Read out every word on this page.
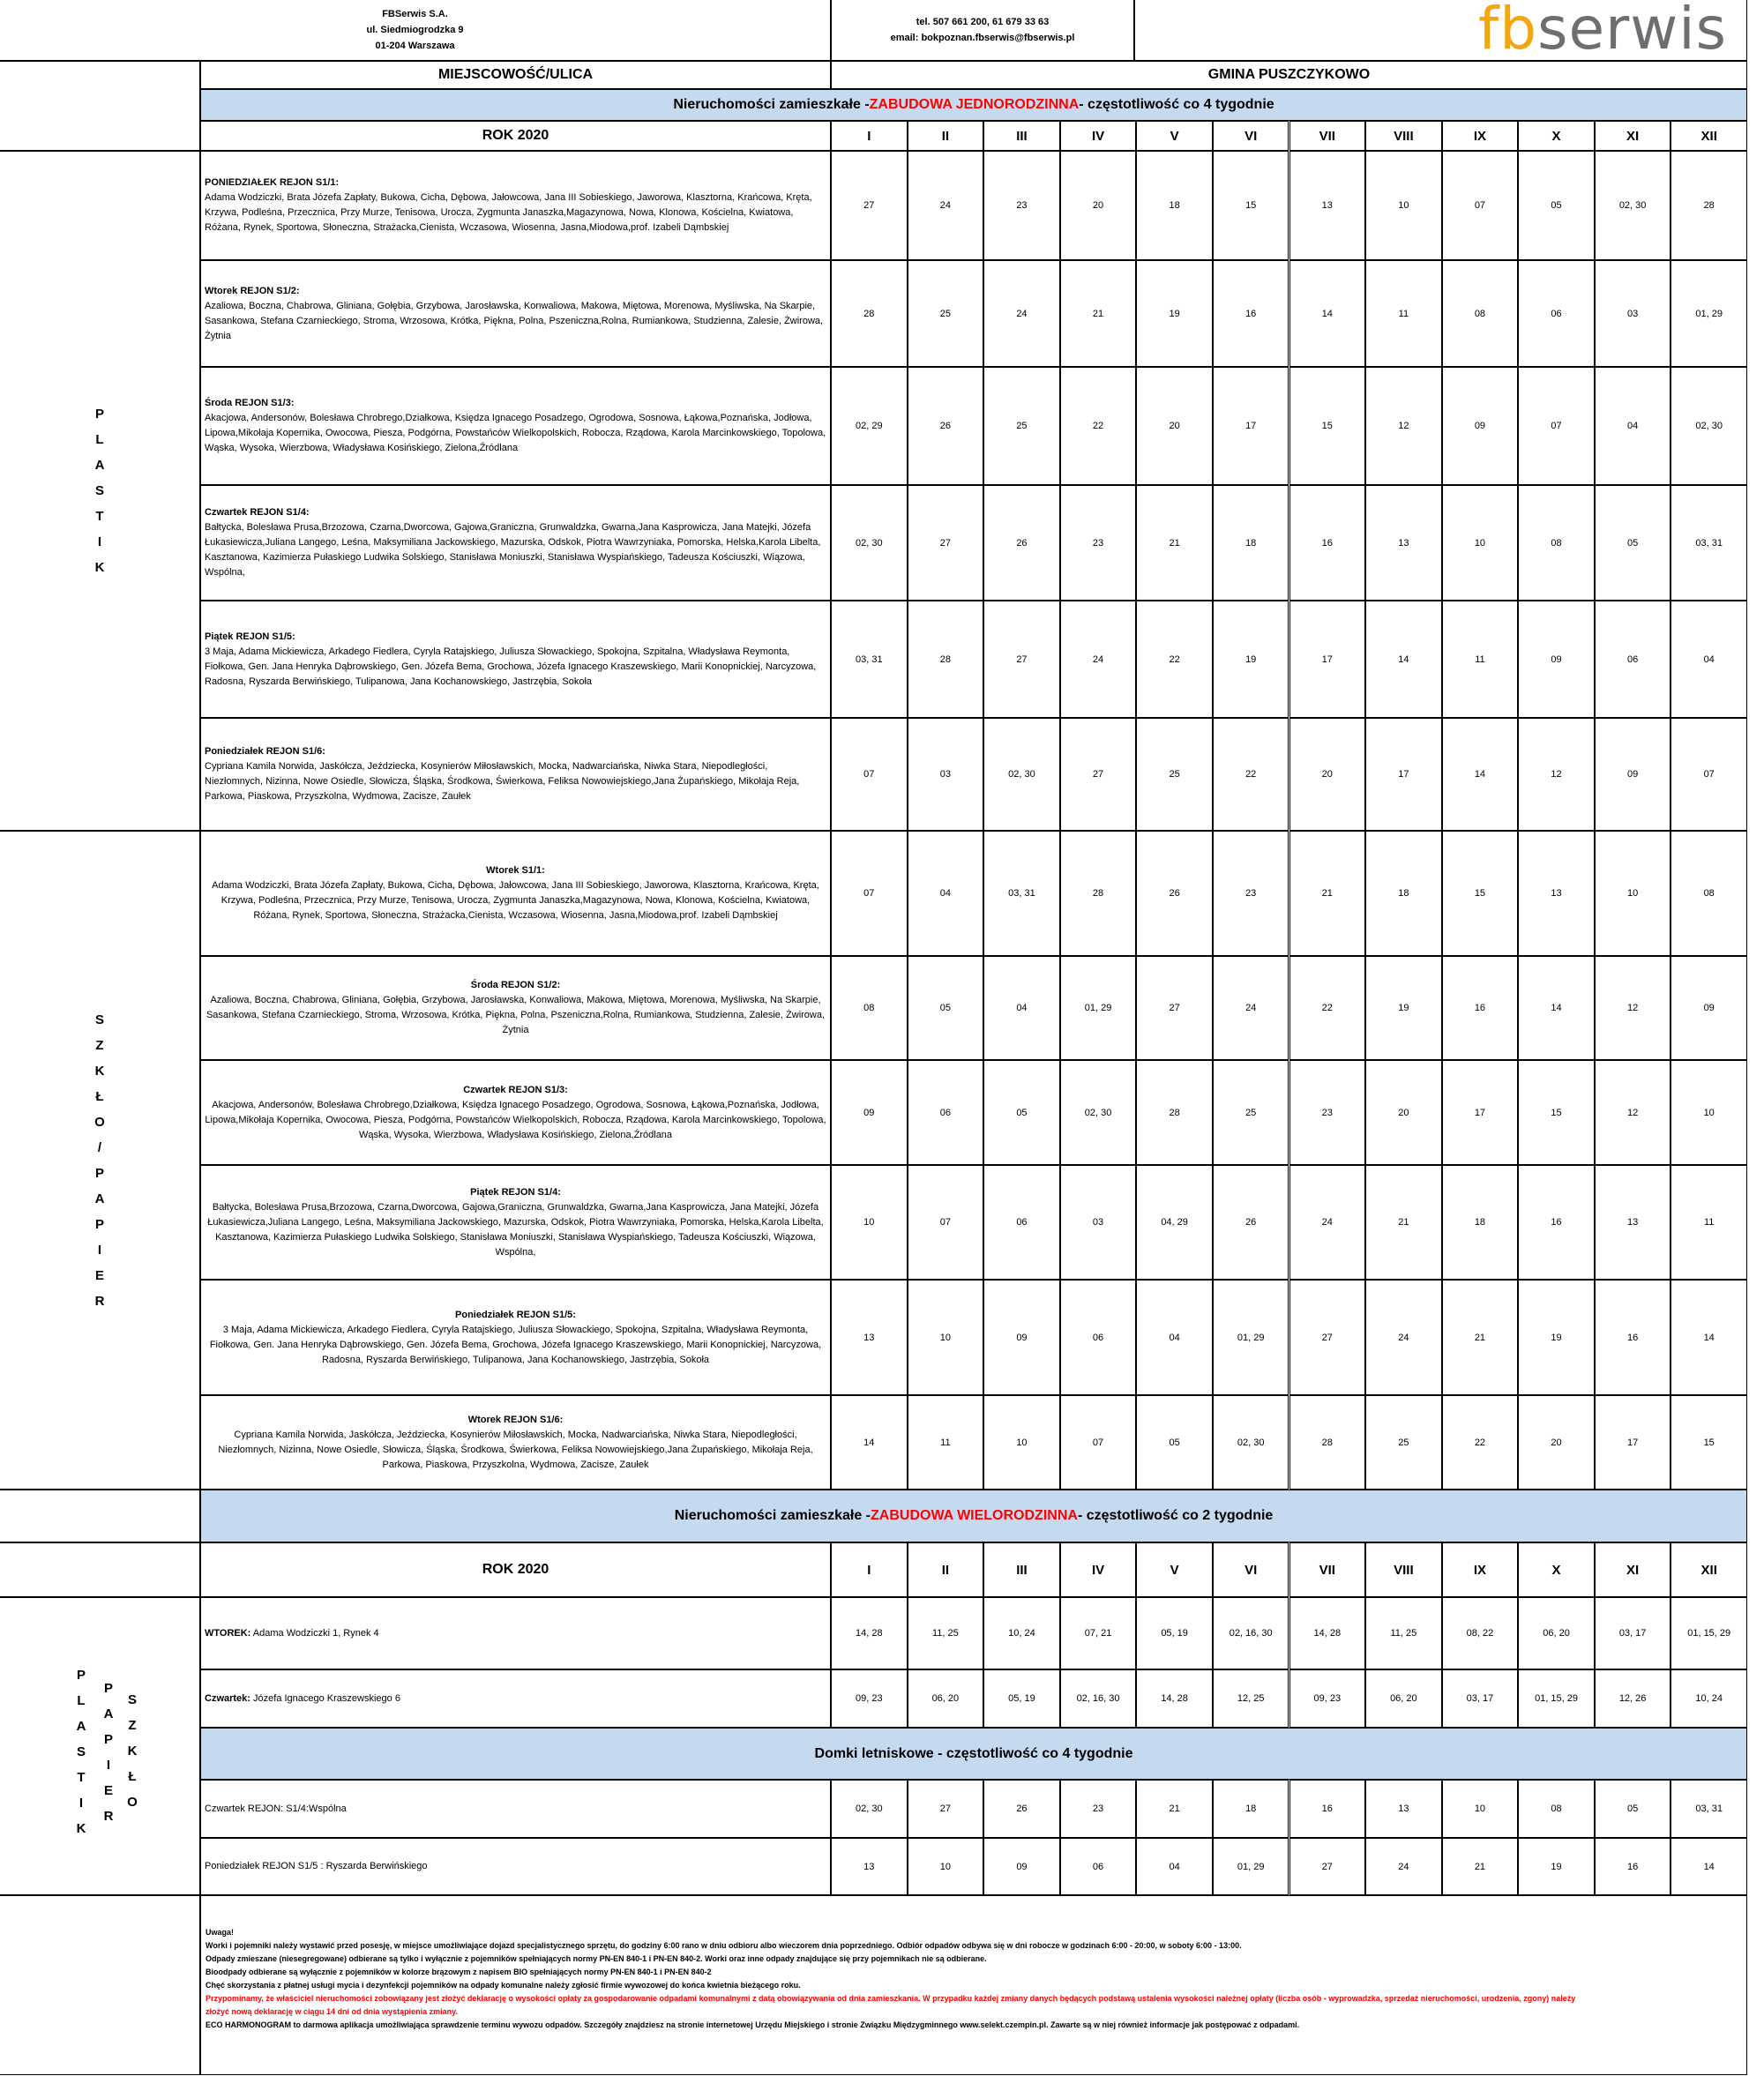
FBSerwis S.A.
ul. Siedmiogrodzka 9
01-204 Warszawa
tel. 507 661 200, 61 679 33 63
email: bokpoznan.fbserwis@fbserwis.pl	fbserwis
MIEJSCOWOŚĆ/ULICA	GMINA PUSZCZYKOWO
Nieruchomości zamieszkałe - ZABUDOWA JEDNORODZINNA - częstotliwość co 4 tygodnie
ROK 2020	I	II	III	IV	V	VI	VII	VIII	IX	X	XI	XII
PONIEDZIAŁEK REJON S1/1:
Adama Wodziczki, Brata Józefa Zapłaty, Bukowa, Cicha, Dębowa, Jałowcowa, Jana III Sobieskiego, Jaworowa, Klasztorna, Krańcowa, Kręta, Krzywa, Podleśna, Przecznica, Przy Murze, Tenisowa, Urocza, Zygmunta Janaszka,Magazynowa, Nowa, Klonowa, Kościelna, Kwiatowa, Różana, Rynek, Sportowa, Słoneczna, Strażacka,Cienista, Wczasowa, Wiosenna, Jasna,Miodowa,prof. Izabeli Dąmbskiej
27	24	23	20	18	15	13	10	07	05	02, 30	28
Wtorek REJON S1/2:
Azaliowa, Boczna, Chabrowa, Gliniana, Gołębia, Grzybowa, Jarosławska, Konwaliowa, Makowa, Miętowa, Morenowa, Myśliwska, Na Skarpie, Sasankowa, Stefana Czarnieckiego, Stroma, Wrzosowa, Krótka, Piękna, Polna, Pszeniczna,Rolna, Rumiankowa, Studzienna, Zalesie, Żwirowa, Żytnia
28	25	24	21	19	16	14	11	08	06	03	01, 29
Środa REJON S1/3:
Akacjowa, Andersonów, Bolesława Chrobrego,Działkowa, Księdza Ignacego Posadzego, Ogrodowa, Sosnowa, Łąkowa,Poznańska, Jodłowa, Lipowa,Mikołaja Kopernika, Owocowa, Piesza, Podgórna, Powstańców Wielkopolskich, Robocza, Rządowa, Karola Marcinkowskiego, Topolowa, Wąska, Wysoka, Wierzbowa, Władysława Kosińskiego, Zielona,Źródlana
02, 29	26	25	22	20	17	15	12	09	07	04	02, 30
Czwartek REJON S1/4:
Bałtycka, Bolesława Prusa,Brzozowa, Czarna,Dworcowa, Gajowa,Graniczna, Grunwaldzka, Gwarna,Jana Kasprowicza, Jana Matejki, Józefa Łukasiewicza,Juliana Langego, Leśna, Maksymiliana Jackowskiego, Mazurska, Odskok, Piotra Wawrzyniaka, Pomorska, Helska,Karola Libelta, Kasztanowa, Kazimierza Pułaskiego Ludwika Solskiego, Stanisława Moniuszki, Stanisława Wyspiańskiego, Tadeusza Kościuszki, Wiązowa, Wspólna,
02, 30	27	26	23	21	18	16	13	10	08	05	03, 31
Piątek REJON S1/5:
3 Maja, Adama Mickiewicza, Arkadego Fiedlera, Cyryla Ratajskiego, Juliusza Słowackiego, Spokojna, Szpitalna, Władysława Reymonta, Fiołkowa, Gen. Jana Henryka Dąbrowskiego, Gen. Józefa Bema, Grochowa, Józefa Ignacego Kraszewskiego, Marii Konopnickiej, Narcyzowa, Radosna, Ryszarda Berwińskiego, Tulipanowa, Jana Kochanowskiego, Jastrzębia, Sokoła
03, 31	28	27	24	22	19	17	14	11	09	06	04
Poniedziałek REJON S1/6:
Cypriana Kamila Norwida, Jaskółcza, Jeździecka, Kosynierów Miłosławskich, Mocka, Nadwarciańska, Niwka Stara, Niepodległości, Niezłomnych, Nizinna, Nowe Osiedle, Słowicza, Śląska, Środkowa, Świerkowa, Feliksa Nowowiejskiego,Jana Żupańskiego, Mikołaja Reja, Parkowa, Piaskowa, Przyszkolna, Wydmowa, Zacisze, Zaułek
07	03	02, 30	27	25	22	20	17	14	12	09	07
Wtorek S1/1:
Adama Wodziczki, Brata Józefa Zapłaty, Bukowa, Cicha, Dębowa, Jałowcowa, Jana III Sobieskiego, Jaworowa, Klasztorna, Krańcowa, Kręta, Krzywa, Podleśna, Przecznica, Przy Murze, Tenisowa, Urocza, Zygmunta Janaszka,Magazynowa, Nowa, Klonowa, Kościelna, Kwiatowa, Różana, Rynek, Sportowa, Słoneczna, Strażacka,Cienista, Wczasowa, Wiosenna, Jasna,Miodowa,prof. Izabeli Dąmbskiej
07	04	03, 31	28	26	23	21	18	15	13	10	08
Środa REJON S1/2:
Azaliowa, Boczna, Chabrowa, Gliniana, Gołębia, Grzybowa, Jarosławska, Konwaliowa, Makowa, Miętowa, Morenowa, Myśliwska, Na Skarpie, Sasankowa, Stefana Czarnieckiego, Stroma, Wrzosowa, Krótka, Piękna, Polna, Pszeniczna,Rolna, Rumiankowa, Studzienna, Zalesie, Żwirowa, Żytnia
08	05	04	01, 29	27	24	22	19	16	14	12	09
Czwartek REJON S1/3:
Akacjowa, Andersonów, Bolesława Chrobrego,Działkowa, Księdza Ignacego Posadzego, Ogrodowa, Sosnowa, Łąkowa,Poznańska, Jodłowa, Lipowa,Mikołaja Kopernika, Owocowa, Piesza, Podgórna, Powstańców Wielkopolskich, Robocza, Rządowa, Karola Marcinkowskiego, Topolowa, Wąska, Wysoka, Wierzbowa, Władysława Kosińskiego, Zielona,Źródlana
09	06	05	02, 30	28	25	23	20	17	15	12	10
Piątek REJON S1/4:
Bałtycka, Bolesława Prusa,Brzozowa, Czarna,Dworcowa, Gajowa,Graniczna, Grunwaldzka, Gwarna,Jana Kasprowicza, Jana Matejki, Józefa Łukasiewicza,Juliana Langego, Leśna, Maksymiliana Jackowskiego, Mazurska, Odskok, Piotra Wawrzyniaka, Pomorska, Helska,Karola Libelta, Kasztanowa, Kazimierza Pułaskiego Ludwika Solskiego, Stanisława Moniuszki, Stanisława Wyspiańskiego, Tadeusza Kościuszki, Wiązowa, Wspólna,
10	07	06	03	04, 29	26	24	21	18	16	13	11
Poniedziałek REJON S1/5:
3 Maja, Adama Mickiewicza, Arkadego Fiedlera, Cyryla Ratajskiego, Juliusza Słowackiego, Spokojna, Szpitalna, Władysława Reymonta, Fiołkowa, Gen. Jana Henryka Dąbrowskiego, Gen. Józefa Bema, Grochowa, Józefa Ignacego Kraszewskiego, Marii Konopnickiej, Narcyzowa, Radosna, Ryszarda Berwińskiego, Tulipanowa, Jana Kochanowskiego, Jastrzębia, Sokoła
13	10	09	06	04	01, 29	27	24	21	19	16	14
Wtorek REJON S1/6:
Cypriana Kamila Norwida, Jaskółcza, Jeździecka, Kosynierów Miłosławskich, Mocka, Nadwarciańska, Niwka Stara, Niepodległości, Niezłomnych, Nizinna, Nowe Osiedle, Słowicza, Śląska, Środkowa, Świerkowa, Feliksa Nowowiejskiego,Jana Żupańskiego, Mikołaja Reja, Parkowa, Piaskowa, Przyszkolna, Wydmowa, Zacisze, Zaułek
14	11	10	07	05	02, 30	28	25	22	20	17	15
P
L
A
S
T
I
K
S
Z
K
Ł
O
/
P
A
P
I
E
R
Nieruchomości zamieszkałe - ZABUDOWA WIELORODZINNA - częstotliwość co 2 tygodnie
ROK 2020	I	II	III	IV	V	VI	VII	VIII	IX	X	XI	XII
WTOREK: Adama Wodziczki 1, Rynek 4	14, 28	11, 25	10, 24	07, 21	05, 19	02, 16, 30	14, 28	11, 25	08, 22	06, 20	03, 17	01, 15, 29
Czwartek: Józefa Ignacego Kraszewskiego 6	09, 23	06, 20	05, 19	02, 16, 30	14, 28	12, 25	09, 23	06, 20	03, 17	01, 15, 29	12, 26	10, 24
Domki letniskowe - częstotliwość co 4 tygodnie
Czwartek REJON: S1/4:Wspólna	02, 30	27	26	23	21	18	16	13	10	08	05	03, 31
Poniedziałek REJON S1/5 : Ryszarda Berwińskiego	13	10	09	06	04	01, 29	27	24	21	19	16	14
P
L
A
S
T
I
K
P
A
P
I
E
R
S
Z
K
Ł
O
Uwaga!
Worki i pojemniki należy wystawić przed posesję, w miejsce umożliwiające dojazd specjalistycznego sprzętu, do godziny 6:00 rano w dniu odbioru albo wieczorem dnia poprzedniego. Odbiór odpadów odbywa się w dni robocze w godzinach 6:00 - 20:00, w soboty 6:00 - 13:00.
Odpady zmieszane (niesegregowane) odbierane są tylko i wyłącznie z pojemników spełniających normy PN-EN 840-1 i PN-EN 840-2. Worki oraz inne odpady znajdujące się przy pojemnikach nie są odbierane.
Bioodpady odbierane są wyłącznie z pojemników w kolorze brązowym z napisem BIO spełniających normy PN-EN 840-1 i PN-EN 840-2
Chęć skorzystania z płatnej usługi mycia i dezynfekcji pojemników na odpady komunalne należy zgłosić firmie wywozowej do końca kwietnia bieżącego roku.
Przypominamy, że właściciel nieruchomości zobowiązany jest złożyć deklarację o wysokości opłaty za gospodarowanie odpadami komunalnymi z datą obowiązywania od dnia zamieszkania. W przypadku każdej zmiany danych będących podstawą ustalenia wysokości należnej opłaty (liczba osób - wyprowadzka, sprzedaż nieruchomości, urodzenia, zgony) należy
złożyć nową deklarację w ciągu 14 dni od dnia wystąpienia zmiany.
ECO HARMONOGRAM to darmowa aplikacja umożliwiająca sprawdzenie terminu wywozu odpadów. Szczegóły znajdziesz na stronie internetowej Urzędu Miejskiego i stronie Związku Międzygminnego www.selekt.czempin.pl. Zawarte są w niej również informacje jak postępować z odpadami.
